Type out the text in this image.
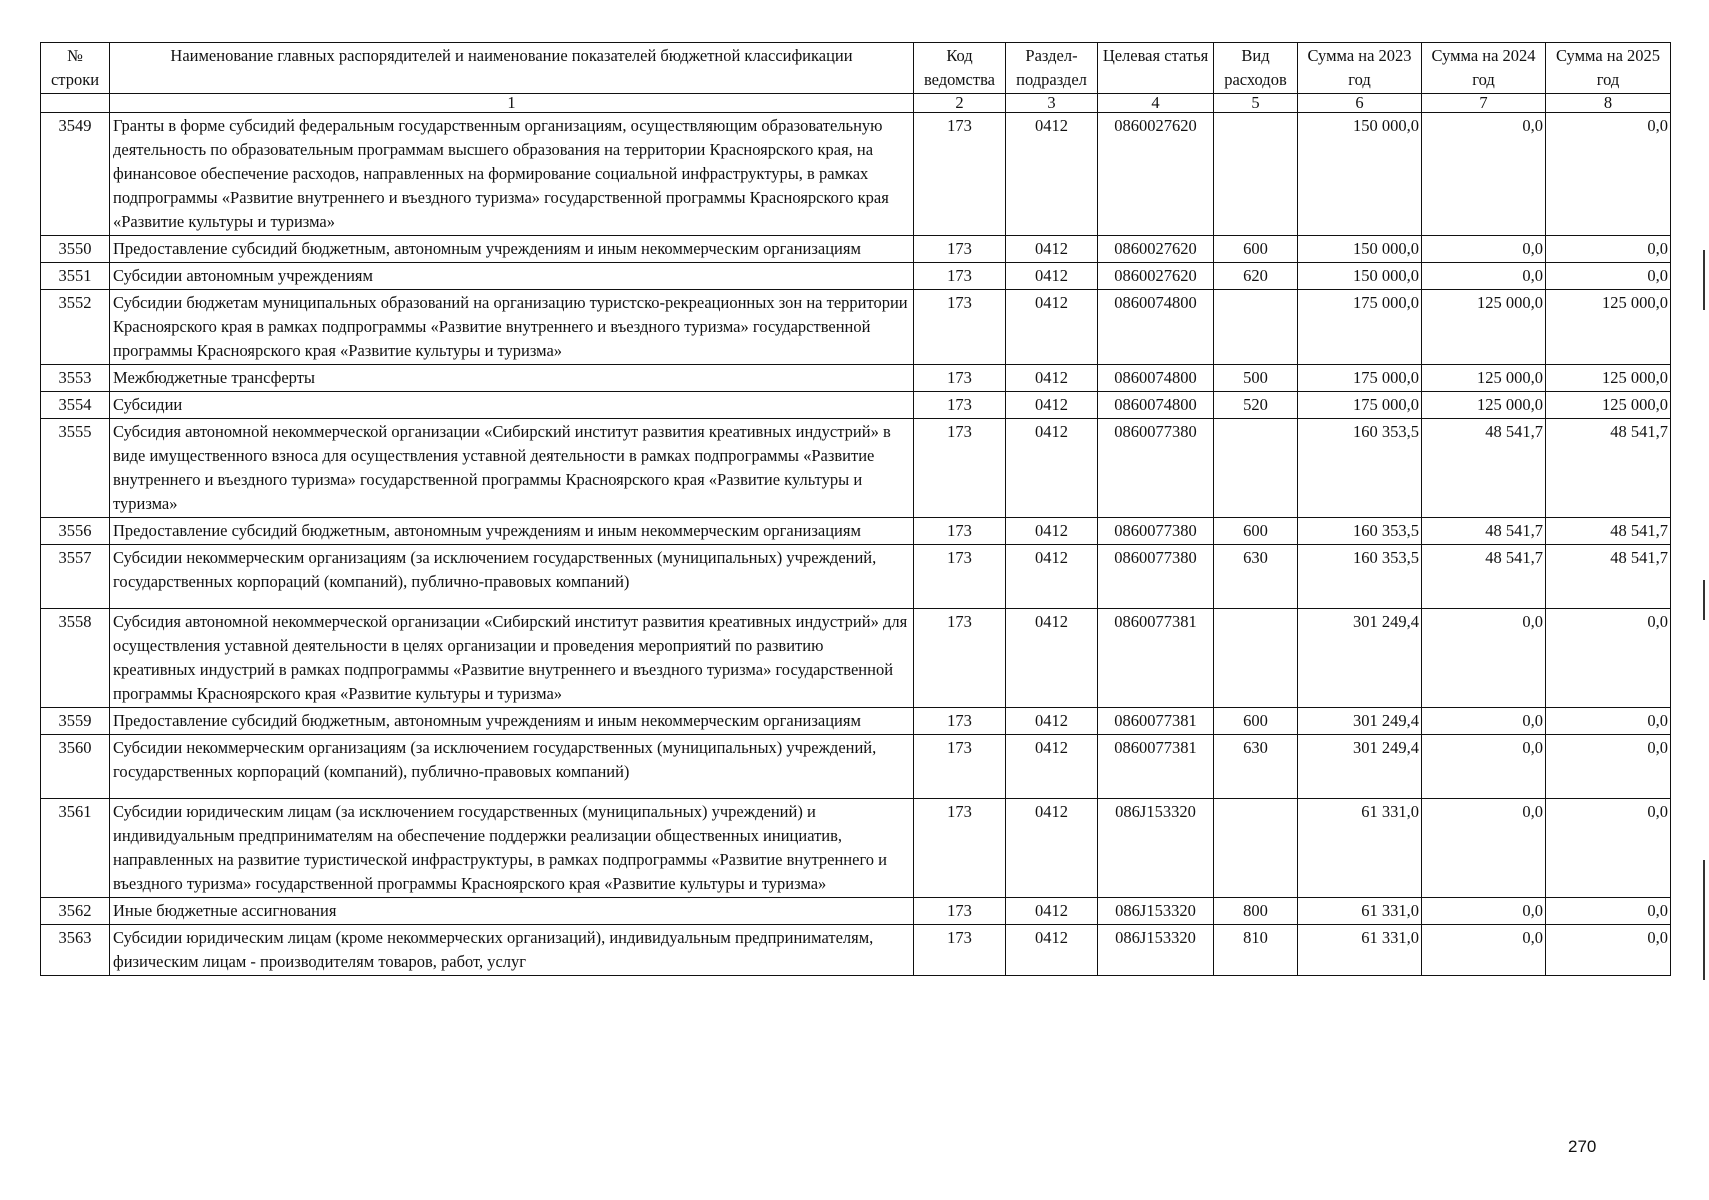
№ строки	Наименование главных распорядителей и наименование показателей бюджетной классификации	Код ведомства	Раздел-подраздел	Целевая статья	Вид расходов	Сумма на 2023 год	Сумма на 2024 год	Сумма на 2025 год
	1	2	3	4	5	6	7	8
3549	Гранты в форме субсидий федеральным государственным организациям, осуществляющим образовательную деятельность по образовательным программам высшего образования на территории Красноярского края, на финансовое обеспечение расходов, направленных на формирование социальной инфраструктуры, в рамках подпрограммы «Развитие внутреннего и въездного туризма» государственной программы Красноярского края «Развитие культуры и туризма»	173	0412	0860027620		150 000,0	0,0	0,0
3550	Предоставление субсидий бюджетным, автономным учреждениям и иным некоммерческим организациям	173	0412	0860027620	600	150 000,0	0,0	0,0
3551	Субсидии автономным учреждениям	173	0412	0860027620	620	150 000,0	0,0	0,0
3552	Субсидии бюджетам муниципальных образований на организацию туристско-рекреационных зон на территории Красноярского края в рамках подпрограммы «Развитие внутреннего и въездного туризма» государственной программы Красноярского края «Развитие культуры и туризма»	173	0412	0860074800		175 000,0	125 000,0	125 000,0
3553	Межбюджетные трансферты	173	0412	0860074800	500	175 000,0	125 000,0	125 000,0
3554	Субсидии	173	0412	0860074800	520	175 000,0	125 000,0	125 000,0
3555	Субсидия автономной некоммерческой организации «Сибирский институт развития креативных индустрий» в виде имущественного взноса для осуществления уставной деятельности в рамках подпрограммы «Развитие внутреннего и въездного туризма» государственной программы Красноярского края «Развитие культуры и туризма»	173	0412	0860077380		160 353,5	48 541,7	48 541,7
3556	Предоставление субсидий бюджетным, автономным учреждениям и иным некоммерческим организациям	173	0412	0860077380	600	160 353,5	48 541,7	48 541,7
3557	Субсидии некоммерческим организациям (за исключением государственных (муниципальных) учреждений, государственных корпораций (компаний), публично-правовых компаний)	173	0412	0860077380	630	160 353,5	48 541,7	48 541,7
3558	Субсидия автономной некоммерческой организации «Сибирский институт развития креативных индустрий» для осуществления уставной деятельности в целях организации и проведения мероприятий по развитию креативных индустрий в рамках подпрограммы «Развитие внутреннего и въездного туризма» государственной программы Красноярского края «Развитие культуры и туризма»	173	0412	0860077381		301 249,4	0,0	0,0
3559	Предоставление субсидий бюджетным, автономным учреждениям и иным некоммерческим организациям	173	0412	0860077381	600	301 249,4	0,0	0,0
3560	Субсидии некоммерческим организациям (за исключением государственных (муниципальных) учреждений, государственных корпораций (компаний), публично-правовых компаний)	173	0412	0860077381	630	301 249,4	0,0	0,0
3561	Субсидии юридическим лицам (за исключением государственных (муниципальных) учреждений) и индивидуальным предпринимателям на обеспечение поддержки реализации общественных инициатив, направленных на развитие туристической инфраструктуры, в рамках подпрограммы «Развитие внутреннего и въездного туризма» государственной программы Красноярского края «Развитие культуры и туризма»	173	0412	086J153320		61 331,0	0,0	0,0
3562	Иные бюджетные ассигнования	173	0412	086J153320	800	61 331,0	0,0	0,0
3563	Субсидии юридическим лицам (кроме некоммерческих организаций), индивидуальным предпринимателям, физическим лицам - производителям товаров, работ, услуг	173	0412	086J153320	810	61 331,0	0,0	0,0
270
